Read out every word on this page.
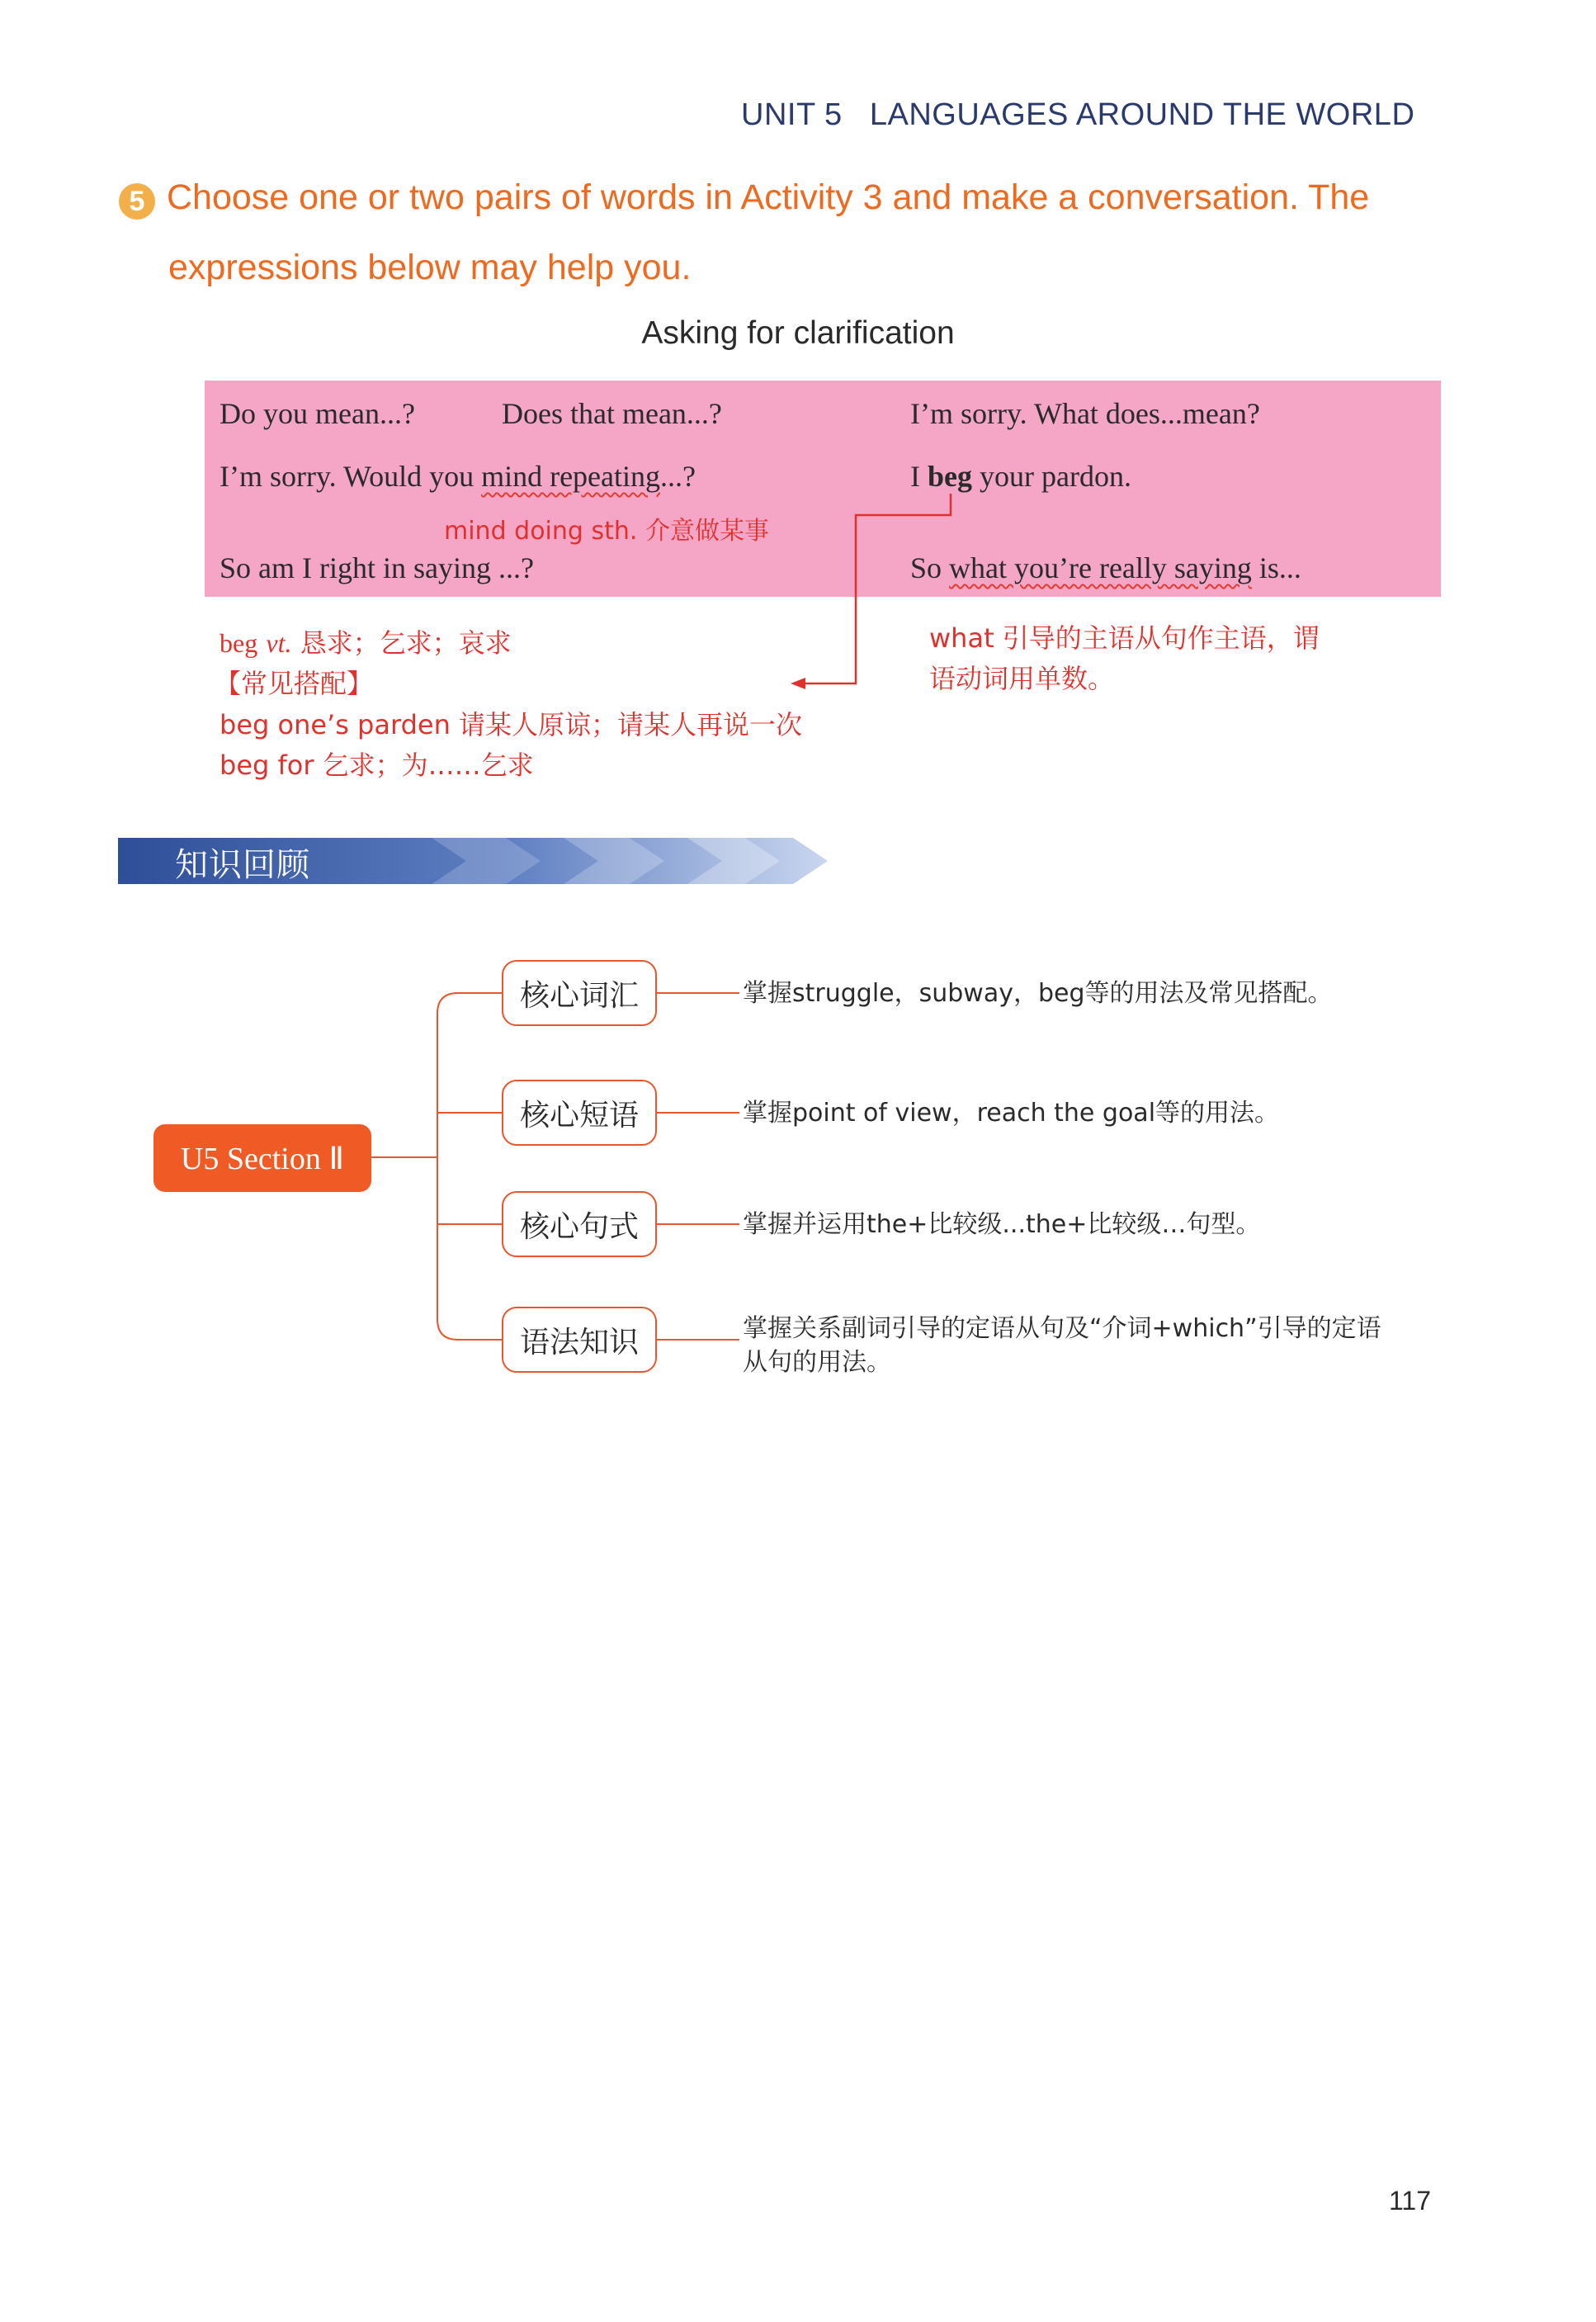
UNIT 5 LANGUAGES AROUND THE WORLD
5 Choose one or two pairs of words in Activity 3 and make a conversation. The
expressions below may help you.
Asking for clarification
Do you mean...?	Does that mean...?	I’m sorry. What does...mean?
I’m sorry. Would you mind repeating...?
mind doing sth. 介意做某事
I beg your pardon.
So am I right in saying ...?	So what you’re really saying is...
beg vt. 恳求；乞求；哀求
【常见搭配】
beg one’s parden 请某人原谅；请某人再说一次
beg for 乞求；为……乞求
what 引导的主语从句作主语，谓
语动词用单数。
知识回顾
U5 Section Ⅱ
核心词汇	掌握struggle，subway，beg等的用法及常见搭配。
核心短语	掌握point of view，reach the goal等的用法。
核心句式	掌握并运用the+比较级...the+比较级…句型。
语法知识	掌握关系副词引导的定语从句及“介词+which”引导的定语从句的用法。
117
